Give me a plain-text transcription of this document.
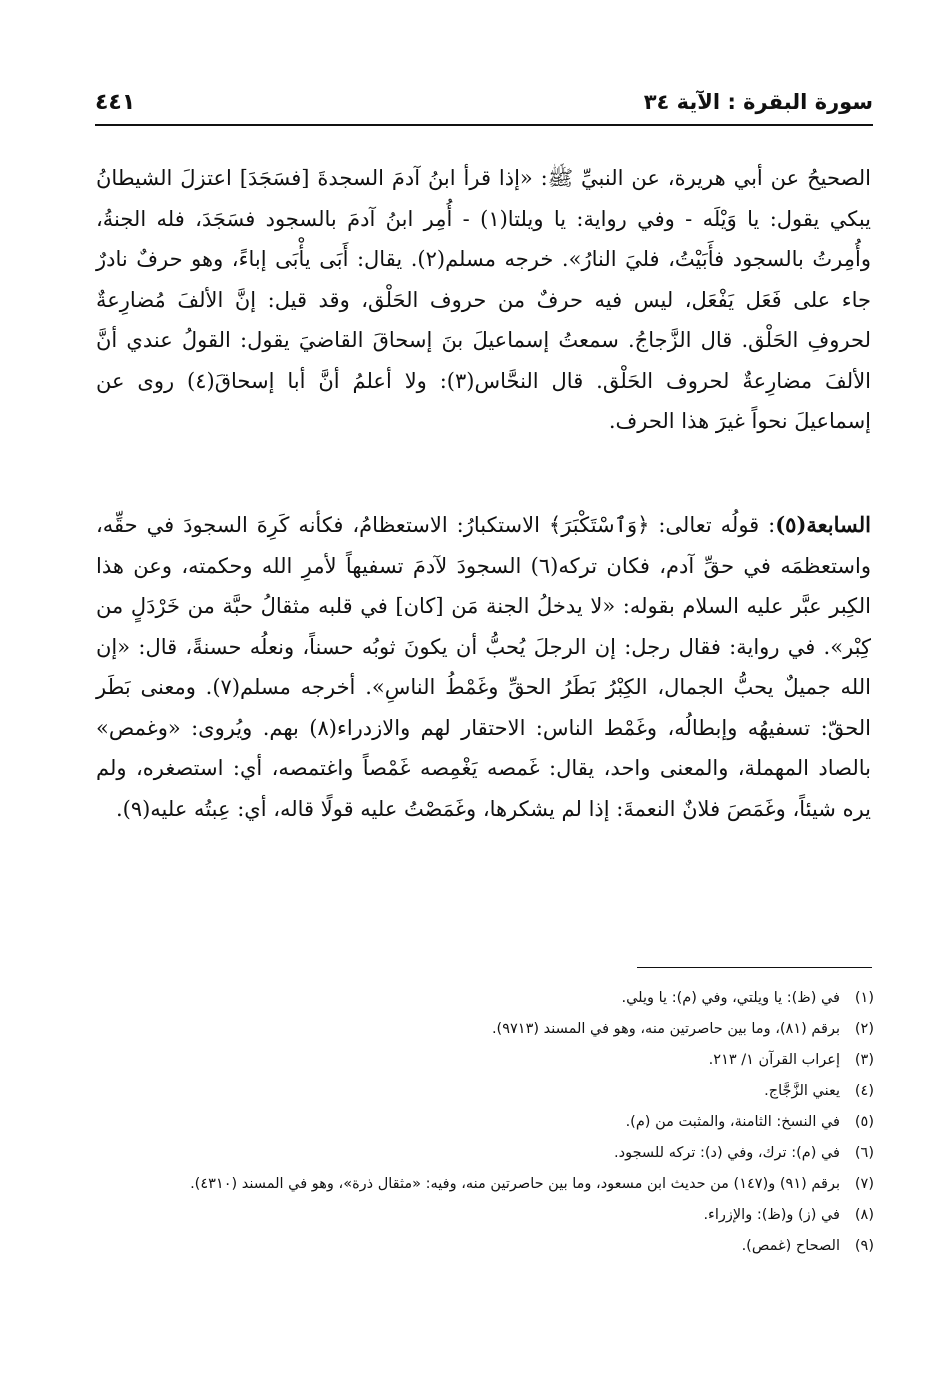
سورة البقرة : الآية ٣٤
٤٤١
الصحيحُ عن أبي هريرة، عن النبيِّ ﷺ: «إذا قرأ ابنُ آدمَ السجدةَ [فسَجَدَ] اعتزلَ الشيطانُ يبكي يقول: يا وَيْلَه - وفي رواية: يا ويلتا(١) - أُمِر ابنُ آدمَ بالسجود فسَجَدَ، فله الجنةُ، وأُمِرتُ بالسجود فأَبَيْتُ، فليَ النارُ». خرجه مسلم(٢). يقال: أَبَى يأْبَى إباءً، وهو حرفٌ نادرٌ جاء على فَعَل يَفْعَل، ليس فيه حرفٌ من حروف الحَلْق، وقد قيل: إنَّ الألفَ مُضارِعةٌ لحروفِ الحَلْق. قال الزَّجاجُ. سمعتُ إسماعيلَ بنَ إسحاقَ القاضيَ يقول: القولُ عندي أنَّ الألفَ مضارِعةٌ لحروف الحَلْق. قال النحَّاس(٣): ولا أعلمُ أنَّ أبا إسحاقَ(٤) روى عن إسماعيلَ نحواً غيرَ هذا الحرف.
السابعة(٥): قولُه تعالى: ﴿وَٱسْتَكْبَرَ﴾ الاستكبارُ: الاستعظامُ، فكأنه كَرِهَ السجودَ في حقِّه، واستعظمَه في حقِّ آدم، فكان تركه(٦) السجودَ لآدمَ تسفيهاً لأمرِ الله وحكمته، وعن هذا الكِبر عبَّر عليه السلام بقوله: «لا يدخلُ الجنة مَن [كان] في قلبه مثقالُ حبَّة من خَرْدَلٍ من كِبْر». في رواية: فقال رجل: إن الرجلَ يُحبُّ أن يكونَ ثوبُه حسناً، ونعلُه حسنةً، قال: «إن الله جميلٌ يحبُّ الجمال، الكِبْرُ بَطَرُ الحقِّ وغَمْطُ الناسِ». أخرجه مسلم(٧). ومعنى بَطَر الحقّ: تسفيهُه وإبطالُه، وغَمْط الناس: الاحتقار لهم والازدراء(٨) بهم. ويُروى: «وغمص» بالصاد المهملة، والمعنى واحد، يقال: غَمصه يَغْمِصه غَمْصاً واغتمصه، أي: استصغره، ولم يره شيئاً، وغَمَصَ فلانٌ النعمةَ: إذا لم يشكرها، وغَمَصْتُ عليه قولًا قاله، أي: عِبتُه عليه(٩).
(١)
في (ظ): يا ويلتي، وفي (م): يا ويلي.
(٢)
برقم (٨١)، وما بين حاصرتين منه، وهو في المسند (٩٧١٣).
(٣)
إعراب القرآن ١/ ٢١٣.
(٤)
يعني الزَّجَّاج.
(٥)
في النسخ: الثامنة، والمثبت من (م).
(٦)
في (م): ترك، وفي (د): تركه للسجود.
(٧)
برقم (٩١) و(١٤٧) من حديث ابن مسعود، وما بين حاصرتين منه، وفيه: «مثقال ذرة»، وهو في المسند (٤٣١٠).
(٨)
في (ز) و(ظ): والإزراء.
(٩)
الصحاح (غمص).
